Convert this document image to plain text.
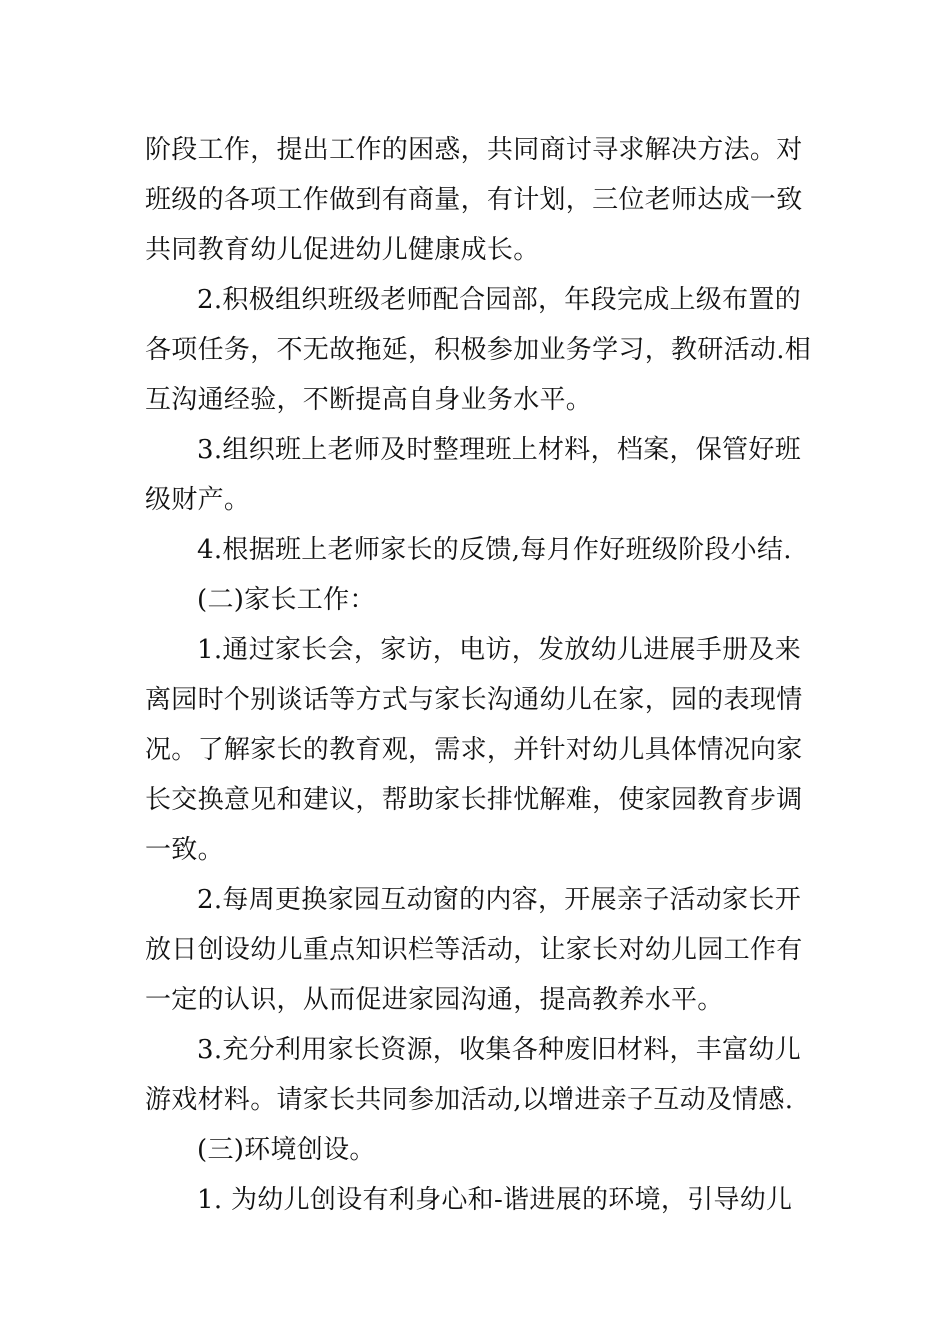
阶段工作，提出工作的困惑，共同商讨寻求解决方法。对
班级的各项工作做到有商量，有计划，三位老师达成一致
共同教育幼儿促进幼儿健康成长。
2.积极组织班级老师配合园部，年段完成上级布置的
各项任务，不无故拖延，积极参加业务学习，教研活动.相
互沟通经验，不断提高自身业务水平。
3.组织班上老师及时整理班上材料，档案，保管好班
级财产。
4.根据班上老师家长的反馈,每月作好班级阶段小结.
(二)家长工作：
1.通过家长会，家访，电访，发放幼儿进展手册及来
离园时个别谈话等方式与家长沟通幼儿在家，园的表现情
况。了解家长的教育观，需求，并针对幼儿具体情况向家
长交换意见和建议，帮助家长排忧解难，使家园教育步调
一致。
2.每周更换家园互动窗的内容，开展亲子活动家长开
放日创设幼儿重点知识栏等活动，让家长对幼儿园工作有
一定的认识，从而促进家园沟通，提高教养水平。
3.充分利用家长资源，收集各种废旧材料，丰富幼儿
游戏材料。请家长共同参加活动,以增进亲子互动及情感.
(三)环境创设。
1. 为幼儿创设有利身心和-谐进展的环境，引导幼儿
